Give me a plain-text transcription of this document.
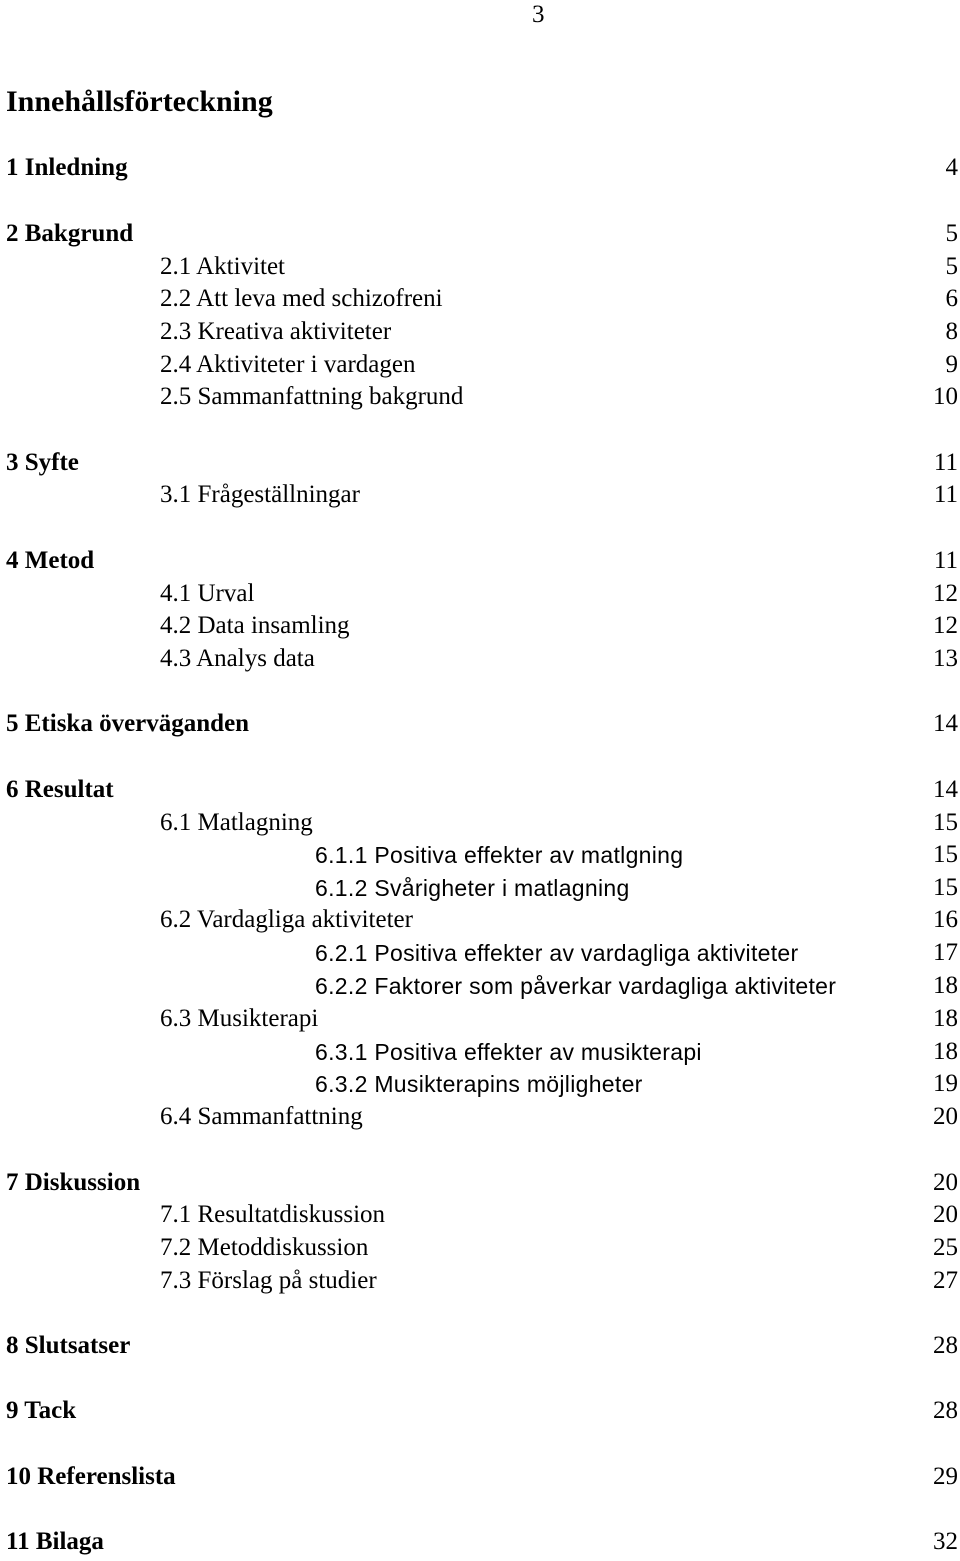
3
Innehållsförteckning
1 Inledning	4
2 Bakgrund	5
2.1 Aktivitet	5
2.2 Att leva med schizofreni	6
2.3 Kreativa aktiviteter	8
2.4 Aktiviteter i vardagen	9
2.5 Sammanfattning bakgrund	10
3 Syfte	11
3.1 Frågeställningar	11
4 Metod	11
4.1 Urval	12
4.2 Data insamling	12
4.3 Analys data	13
5 Etiska överväganden	14
6 Resultat	14
6.1 Matlagning	15
6.1.1 Positiva effekter av matlgning	15
6.1.2 Svårigheter i matlagning	15
6.2 Vardagliga aktiviteter	16
6.2.1 Positiva effekter av vardagliga aktiviteter	17
6.2.2 Faktorer som påverkar vardagliga aktiviteter	18
6.3 Musikterapi	18
6.3.1 Positiva effekter av musikterapi	18
6.3.2 Musikterapins möjligheter	19
6.4 Sammanfattning	20
7 Diskussion	20
7.1 Resultatdiskussion	20
7.2 Metoddiskussion	25
7.3 Förslag på studier	27
8 Slutsatser	28
9 Tack	28
10 Referenslista	29
11 Bilaga	32
